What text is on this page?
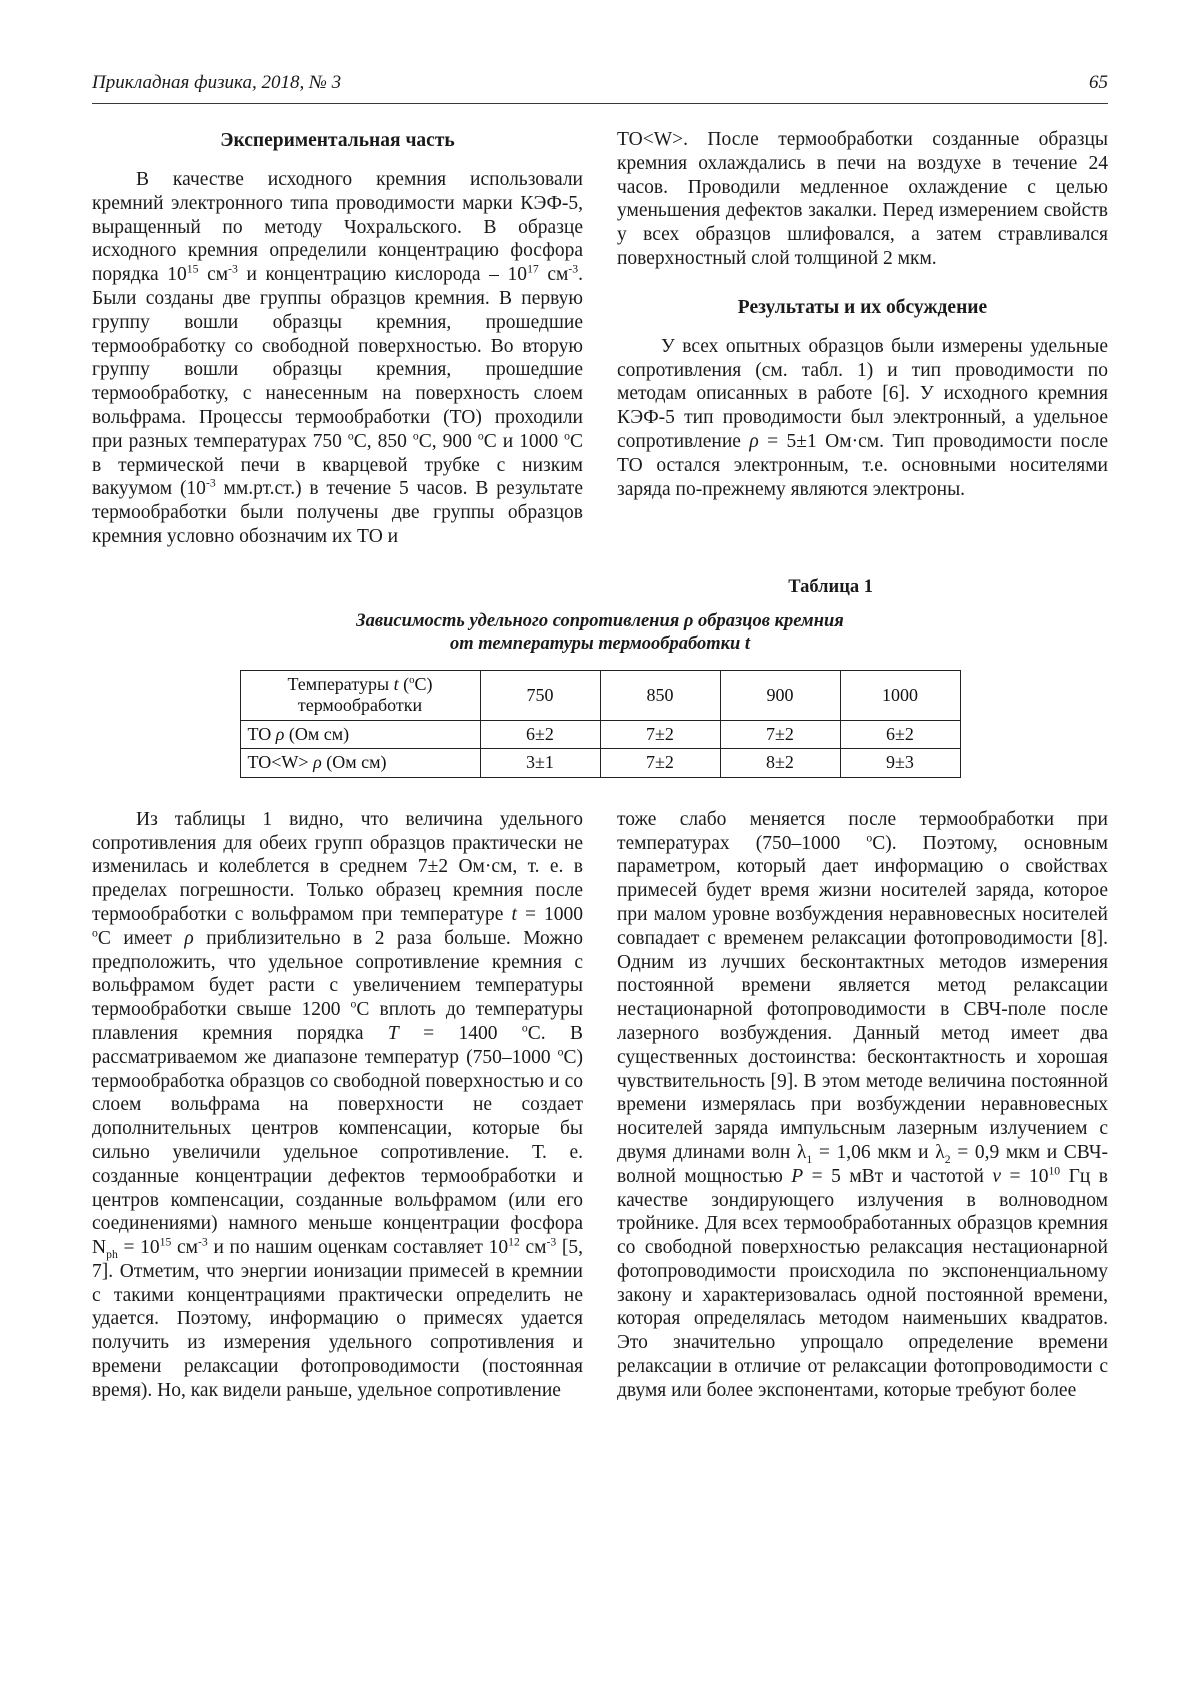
Прикладная физика, 2018, № 3	65
Экспериментальная часть

В качестве исходного кремния использовали кремний электронного типа проводимости марки КЭФ-5, выращенный по методу Чохральского. В образце исходного кремния определили концентрацию фосфора порядка $10^{15}$ $см^{-3}$ и концентрацию кислорода – $10^{17}$ $см^{-3}$. Были созданы две группы образцов кремния. В первую группу вошли образцы кремния, прошедшие термообработку со свободной поверхностью. Во вторую группу вошли образцы кремния, прошедшие термообработку, с нанесенным на поверхность слоем вольфрама. Процессы термообработки (ТО) проходили при разных температурах 750 $^о$С, 850 $^о$С, 900 $^о$С и 1000 $^о$С в термической печи в кварцевой трубке с низким вакуумом ($10^{-3}$ мм.рт.ст.) в течение 5 часов. В результате термообработки были получены две группы образцов кремния условно обозначим их ТО и

ТО<W>. После термообработки созданные образцы кремния охлаждались в печи на воздухе в течение 24 часов. Проводили медленное охлаждение с целью уменьшения дефектов закалки. Перед измерением свойств у всех образцов шлифовался, а затем стравливался поверхностный слой толщиной 2 мкм.

Результаты и их обсуждение

У всех опытных образцов были измерены удельные сопротивления (см. табл. 1) и тип проводимости по методам описанных в работе [6]. У исходного кремния КЭФ-5 тип проводимости был электронный, а удельное сопротивление ρ = 5±1 Ом·см. Тип проводимости после ТО остался электронным, т.е. основными носителями заряда по-прежнему являются электроны.

Таблица 1
Зависимость удельного сопротивления ρ образцов кремния
от температуры термообработки t
Температуры t ($^о$С) термообработки	750	850	900	1000
ТО ρ (Ом см)	6±2	7±2	7±2	6±2
ТО<W> ρ (Ом см)	3±1	7±2	8±2	9±3

Из таблицы 1 видно, что величина удельного сопротивления для обеих групп образцов практически не изменилась и колеблется в среднем 7±2 Ом·см, т. е. в пределах погрешности. Только образец кремния после термообработки с вольфрамом при температуре t = 1000 $^о$С имеет ρ приблизительно в 2 раза больше. Можно предположить, что удельное сопротивление кремния с вольфрамом будет расти с увеличением температуры термообработки свыше 1200 $^о$С вплоть до температуры плавления кремния порядка Т = 1400 $^о$С. В рассматриваемом же диапазоне температур (750–1000 $^о$С) термообработка образцов со свободной поверхностью и со слоем вольфрама на поверхности не создает дополнительных центров компенсации, которые бы сильно увеличили удельное сопротивление. Т. е. созданные концентрации дефектов термообработки и центров компенсации, созданные вольфрамом (или его соединениями) намного меньше концентрации фосфора $N_{ph} = 10^{15}$ $см^{-3}$ и по нашим оценкам составляет $10^{12}$ $см^{-3}$ [5, 7]. Отметим, что энергии ионизации примесей в кремнии с такими концентрациями практически определить не удается. Поэтому, информацию о примесях удается получить из измерения удельного сопротивления и времени релаксации фотопроводимости (постоянная время). Но, как видели раньше, удельное сопротивление

тоже слабо меняется после термообработки при температурах (750–1000 $^о$С). Поэтому, основным параметром, который дает информацию о свойствах примесей будет время жизни носителей заряда, которое при малом уровне возбуждения неравновесных носителей совпадает с временем релаксации фотопроводимости [8]. Одним из лучших бесконтактных методов измерения постоянной времени является метод релаксации нестационарной фотопроводимости в СВЧ-поле после лазерного возбуждения. Данный метод имеет два существенных достоинства: бесконтактность и хорошая чувствительность [9]. В этом методе величина постоянной времени измерялась при возбуждении неравновесных носителей заряда импульсным лазерным излучением с двумя длинами волн $\lambda_1 = 1,06$ мкм и $\lambda_2 = 0,9$ мкм и СВЧ-волной мощностью P = 5 мВт и частотой $\nu = 10^{10}$ Гц в качестве зондирующего излучения в волноводном тройнике. Для всех термообработанных образцов кремния со свободной поверхностью релаксация нестационарной фотопроводимости происходила по экспоненциальному закону и характеризовалась одной постоянной времени, которая определялась методом наименьших квадратов. Это значительно упрощало определение времени релаксации в отличие от релаксации фотопроводимости с двумя или более экспонентами, которые требуют более
